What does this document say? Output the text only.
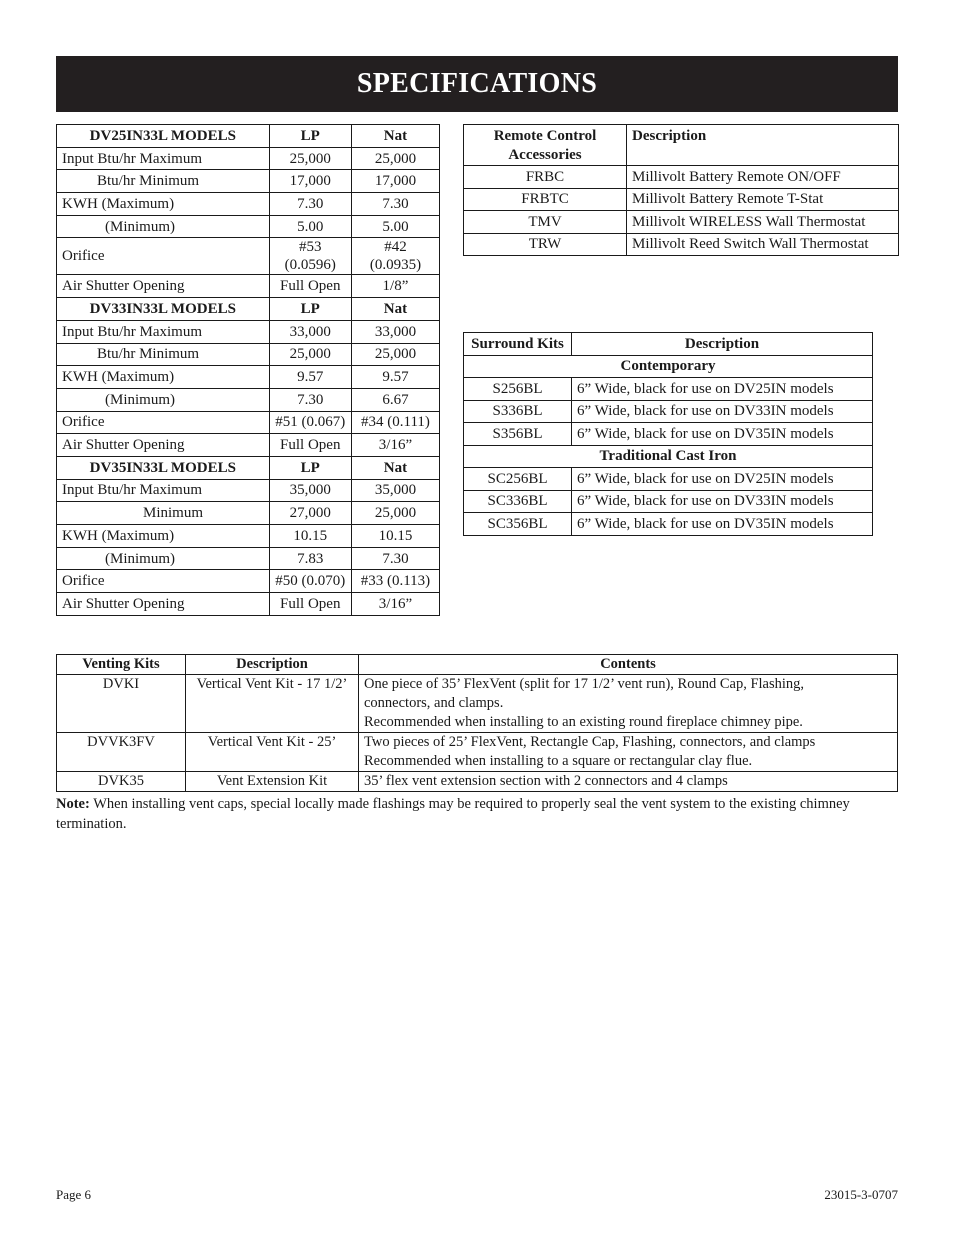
SPECIFICATIONS
DV25IN33L MODELS	LP	Nat
Input Btu/hr Maximum	25,000	25,000
Btu/hr Minimum	17,000	17,000
KWH (Maximum)	7.30	7.30
(Minimum)	5.00	5.00
Orifice	#53 (0.0596)	#42 (0.0935)
Air Shutter Opening	Full Open	1/8”
DV33IN33L MODELS	LP	Nat
Input Btu/hr Maximum	33,000	33,000
Btu/hr Minimum	25,000	25,000
KWH (Maximum)	9.57	9.57
(Minimum)	7.30	6.67
Orifice	#51 (0.067)	#34 (0.111)
Air Shutter Opening	Full Open	3/16”
DV35IN33L MODELS	LP	Nat
Input Btu/hr Maximum	35,000	35,000
Minimum	27,000	25,000
KWH (Maximum)	10.15	10.15
(Minimum)	7.83	7.30
Orifice	#50 (0.070)	#33 (0.113)
Air Shutter Opening	Full Open	3/16”
Remote Control Accessories	Description
FRBC	Millivolt Battery Remote ON/OFF
FRBTC	Millivolt Battery Remote T-Stat
TMV	Millivolt WIRELESS Wall Thermostat
TRW	Millivolt Reed Switch Wall Thermostat
Surround Kits	Description
Contemporary	
S256BL	6” Wide, black for use on DV25IN models
S336BL	6” Wide, black for use on DV33IN models
S356BL	6” Wide, black for use on DV35IN models
Traditional Cast Iron	
SC256BL	6” Wide, black for use on DV25IN models
SC336BL	6” Wide, black for use on DV33IN models
SC356BL	6” Wide, black for use on DV35IN models
Venting Kits	Description	Contents
DVKI	Vertical Vent Kit - 17 1/2’	One piece of 35’ FlexVent (split for 17 1/2’ vent run), Round Cap, Flashing,
connectors, and clamps.
Recommended when installing to an existing round fireplace chimney pipe.

DVVK3FV	Vertical Vent Kit - 25’	Two pieces of 25’ FlexVent, Rectangle Cap, Flashing, connectors, and clamps
Recommended when installing to a square or rectangular clay flue.

DVK35	Vent Extension Kit	35’ flex vent extension section with 2 connectors and 4 clamps
Note: When installing vent caps, special locally made flashings may be required to properly seal the vent system to the existing chimney termination.
Page 6	23015-3-0707
